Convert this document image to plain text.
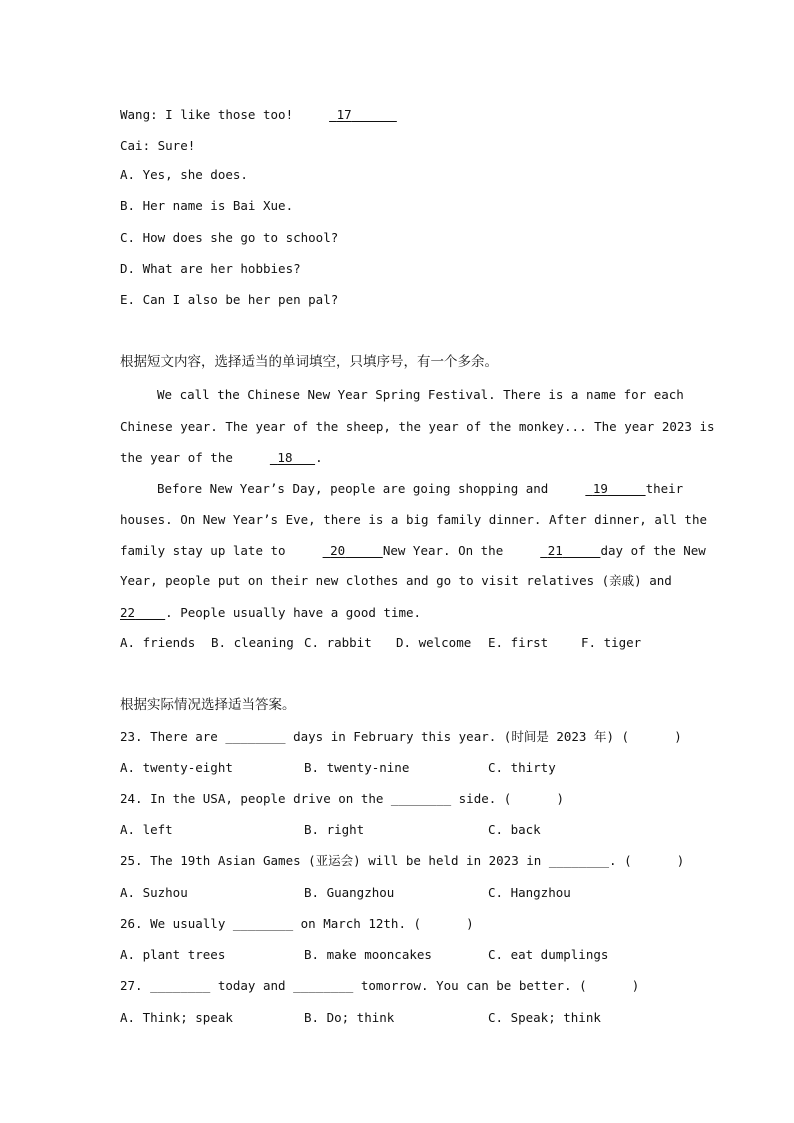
Wang: I like those too!	17
Cai: Sure!
A. Yes, she does.
B. Her name is Bai Xue.
C. How does she go to school?
D. What are her hobbies?
E. Can I also be her pen pal?
根据短文内容，选择适当的单词填空，只填序号，有一个多余。
We call the Chinese New Year Spring Festival. There is a name for each
Chinese year. The year of the sheep, the year of the monkey... The year 2023 is
the year of the	18 .
Before New Year’s Day, people are going shopping and	19	their
houses. On New Year’s Eve, there is a big family dinner. After dinner, all the
family stay up late to	20	New Year. On the	21	day of the New
Year, people put on their new clothes and go to visit relatives (亲戚) and
22 . People usually have a good time.

A. friends

B. cleaning

C. rabbit

D. welcome

E. first

	F. tiger

根据实际情况选择适当答案。
23. There are ________ days in February this year. (时间是 2023 年) (      )

A. twenty-eight

	B. twenty-nine

	C. thirty

24. In the USA, people drive on the ________ side. (      )

A. left

	B. right

	C. back

25. The 19th Asian Games (亚运会) will be held in 2023 in ________. (      )

A. Suzhou

	B. Guangzhou

	C. Hangzhou

26. We usually ________ on March 12th. (      )

A. plant trees

	B. make mooncakes

	C. eat dumplings

27. ________ today and ________ tomorrow. You can be better. (      )

A. Think; speak

	B. Do; think

	C. Speak; think
